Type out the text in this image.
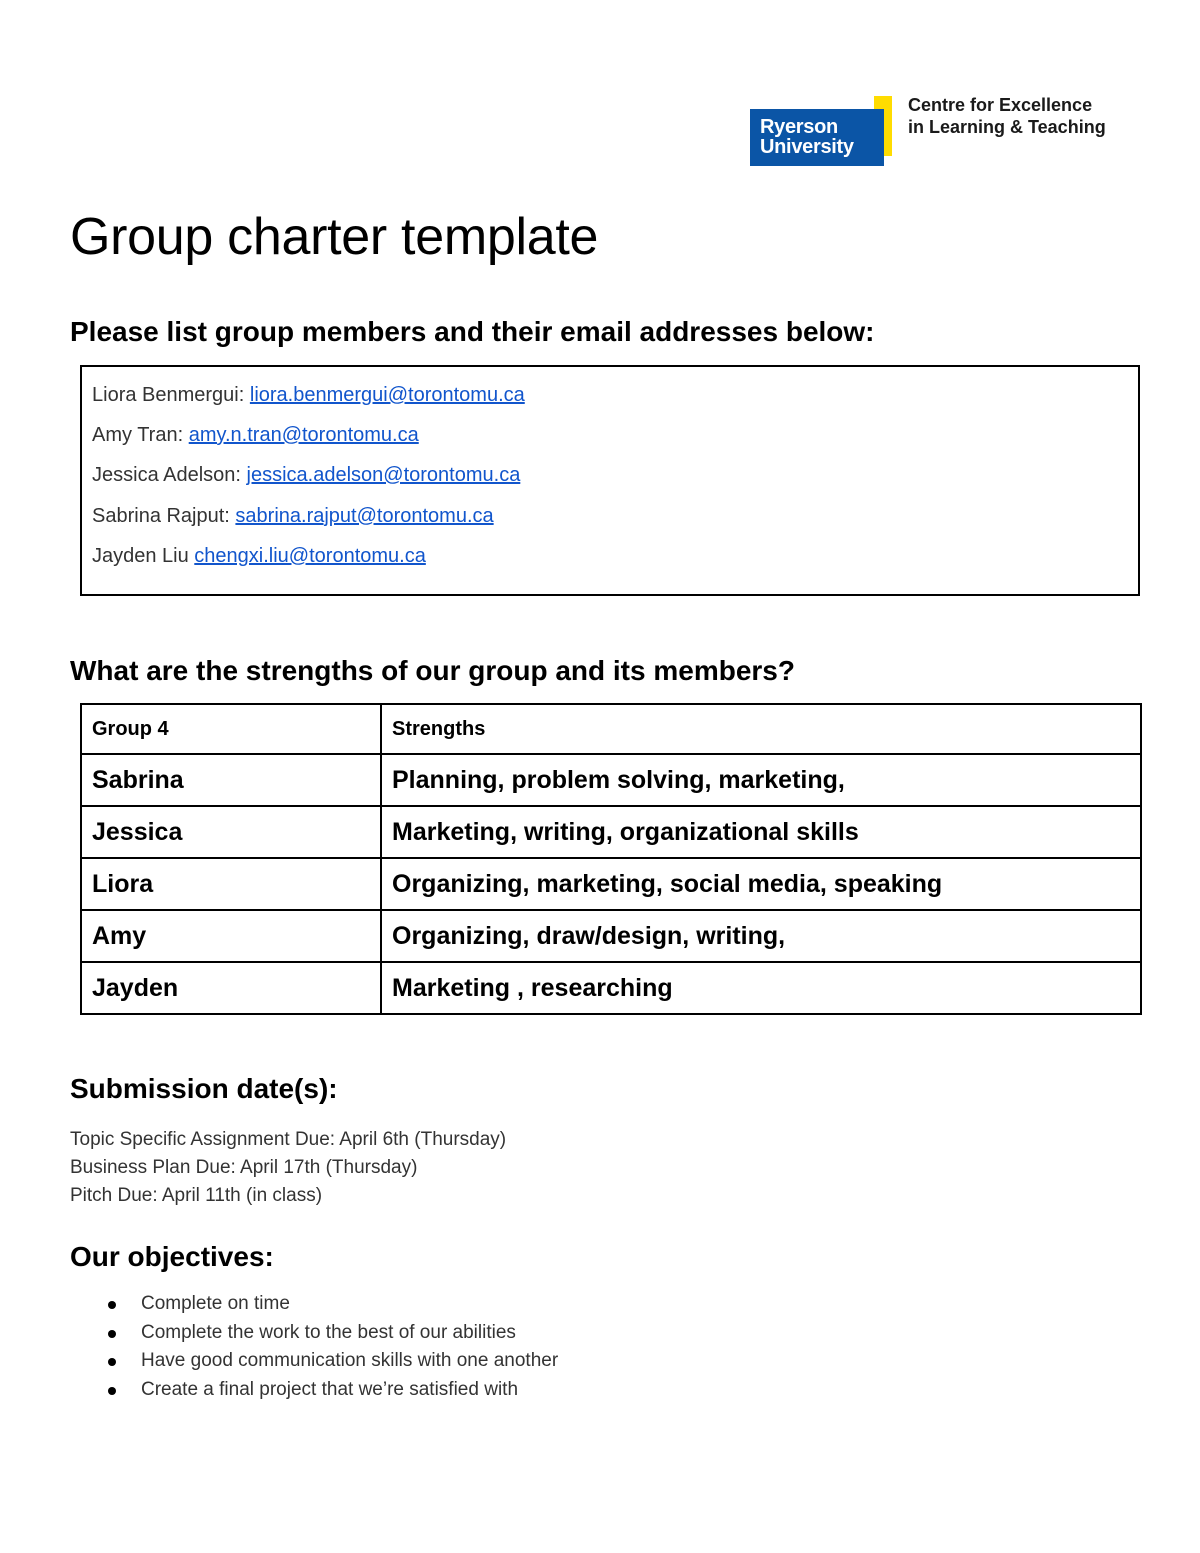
Ryerson
University
Centre for Excellence
in Learning & Teaching
Group charter template
Please list group members and their email addresses below:
Liora Benmergui: liora.benmergui@torontomu.ca
Amy Tran: amy.n.tran@torontomu.ca
Jessica Adelson: jessica.adelson@torontomu.ca
Sabrina Rajput: sabrina.rajput@torontomu.ca
Jayden Liu chengxi.liu@torontomu.ca
What are the strengths of our group and its members?
Group 4	Strengths
Sabrina	Planning, problem solving, marketing,
Jessica	Marketing, writing, organizational skills
Liora	Organizing, marketing, social media, speaking
Amy	Organizing, draw/design, writing,
Jayden	Marketing , researching
Submission date(s):
Topic Specific Assignment Due: April 6th (Thursday)
Business Plan Due: April 17th (Thursday)
Pitch Due: April 11th (in class)
Our objectives:
Complete on time
Complete the work to the best of our abilities
Have good communication skills with one another
Create a final project that we’re satisfied with
